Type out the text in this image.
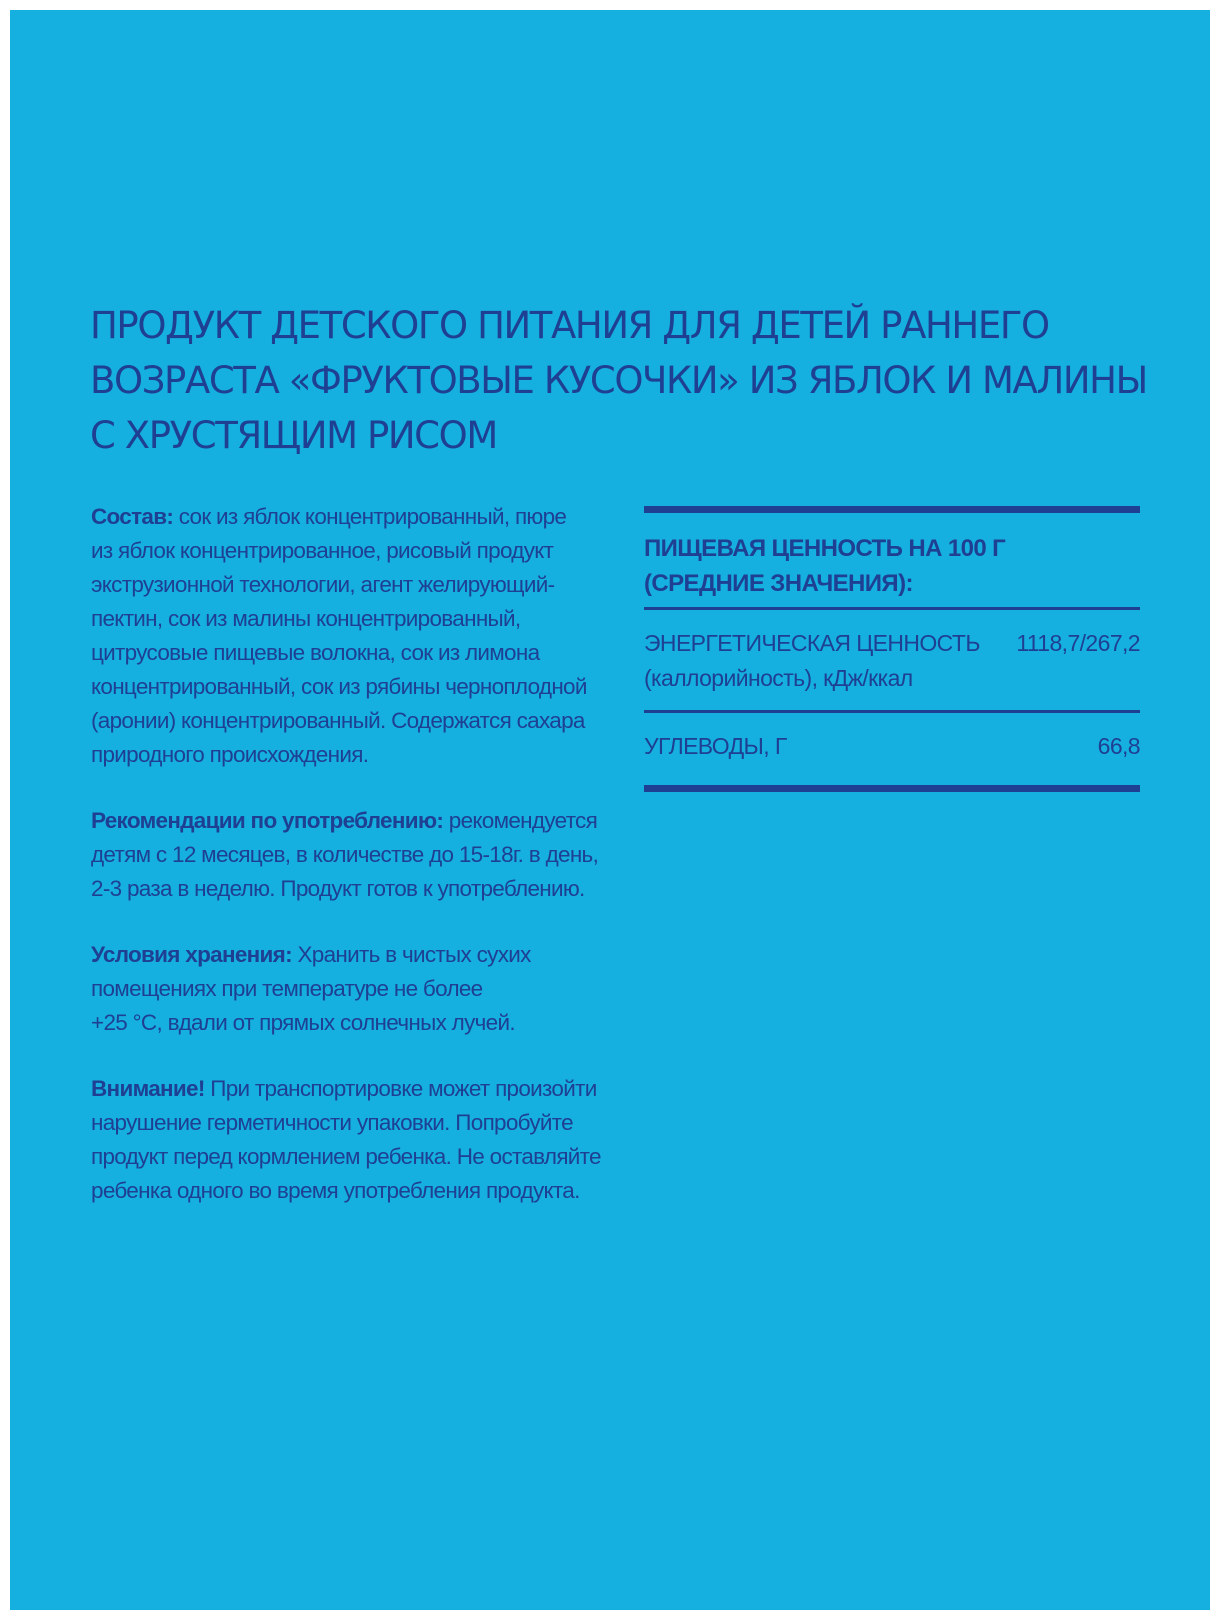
ПРОДУКТ ДЕТСКОГО ПИТАНИЯ ДЛЯ ДЕТЕЙ РАННЕГО
ВОЗРАСТА «ФРУКТОВЫЕ КУСОЧКИ» ИЗ ЯБЛОК И МАЛИНЫ
С ХРУСТЯЩИМ РИСОМ

Состав: сок из яблок концентрированный, пюре
из яблок концентрированное, рисовый продукт
экструзионной технологии, агент желирующий-
пектин, сок из малины концентрированный,
цитрусовые пищевые волокна, сок из лимона
концентрированный, сок из рябины черноплодной
(аронии) концентрированный. Содержатся сахара
природного происхождения.

Рекомендации по употреблению: рекомендуется
детям с 12 месяцев, в количестве до 15-18г. в день,
2-3 раза в неделю. Продукт готов к употреблению.

Условия хранения: Хранить в чистых сухих
помещениях при температуре не более
+25 °С, вдали от прямых солнечных лучей.

Внимание! При транспортировке может произойти
нарушение герметичности упаковки. Попробуйте
продукт перед кормлением ребенка. Не оставляйте
ребенка одного во время употребления продукта.

ПИЩЕВАЯ ЦЕННОСТЬ НА 100 Г
(СРЕДНИЕ ЗНАЧЕНИЯ):
ЭНЕРГЕТИЧЕСКАЯ ЦЕННОСТЬ
(каллорийность), кДж/ккал
1118,7/267,2
УГЛЕВОДЫ, Г	66,8
